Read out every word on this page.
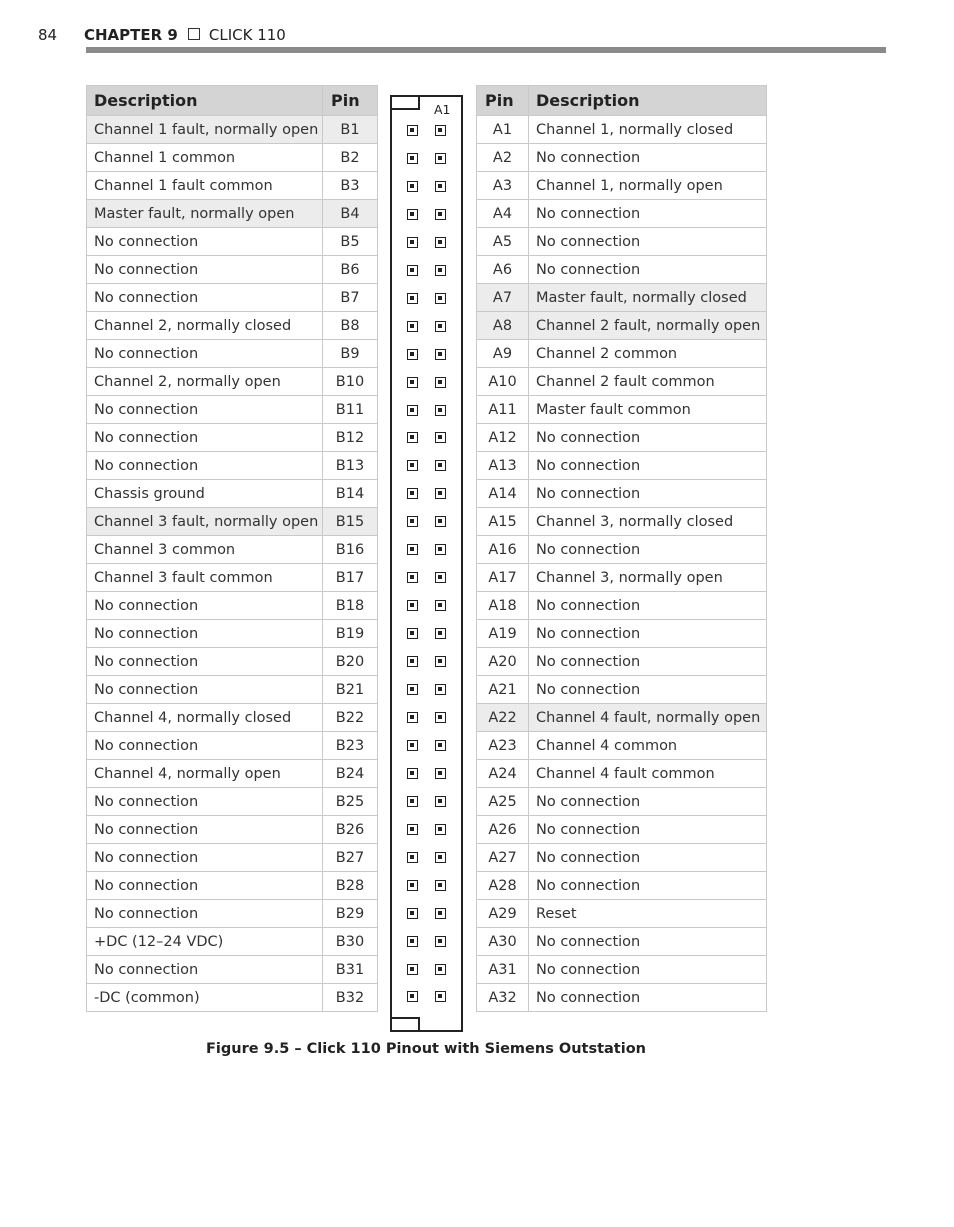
84 CHAPTER 9 CLICK 110
Description	Pin
Channel 1 fault, normally open	B1
Channel 1 common	B2
Channel 1 fault common	B3
Master fault, normally open	B4
No connection	B5
No connection	B6
No connection	B7
Channel 2, normally closed	B8
No connection	B9
Channel 2, normally open	B10
No connection	B11
No connection	B12
No connection	B13
Chassis ground	B14
Channel 3 fault, normally open	B15
Channel 3 common	B16
Channel 3 fault common	B17
No connection	B18
No connection	B19
No connection	B20
No connection	B21
Channel 4, normally closed	B22
No connection	B23
Channel 4, normally open	B24
No connection	B25
No connection	B26
No connection	B27
No connection	B28
No connection	B29
+DC (12–24 VDC)	B30
No connection	B31
-DC (common)	B32
A1 Pin	Description
A1	Channel 1, normally closed
A2	No connection
A3	Channel 1, normally open
A4	No connection
A5	No connection
A6	No connection
A7	Master fault, normally closed
A8	Channel 2 fault, normally open
A9	Channel 2 common
A10	Channel 2 fault common
A11	Master fault common
A12	No connection
A13	No connection
A14	No connection
A15	Channel 3, normally closed
A16	No connection
A17	Channel 3, normally open
A18	No connection
A19	No connection
A20	No connection
A21	No connection
A22	Channel 4 fault, normally open
A23	Channel 4 common
A24	Channel 4 fault common
A25	No connection
A26	No connection
A27	No connection
A28	No connection
A29	Reset
A30	No connection
A31	No connection
A32	No connection
Figure 9.5 – Click 110 Pinout with Siemens Outstation
